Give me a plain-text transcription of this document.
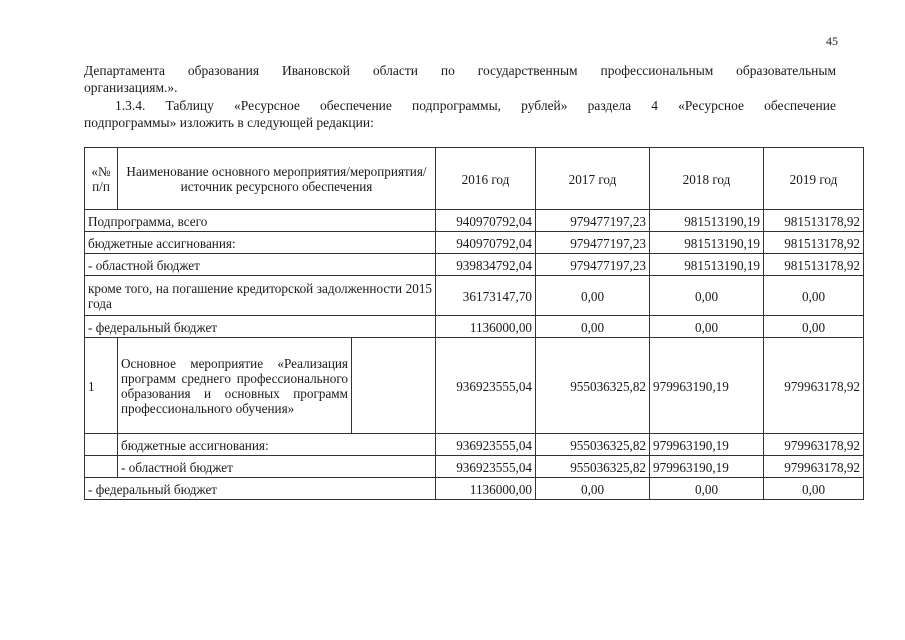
45
Департамента образования Ивановской области по государственным профессиональным образовательным
организациям.».
1.3.4. Таблицу «Ресурсное обеспечение подпрограммы, рублей» раздела 4 «Ресурсное обеспечение
подпрограммы» изложить в следующей редакции:
«№ п/п	Наименование основного мероприятия/мероприятия/источник ресурсного обеспечения		2016 год	2017 год	2018 год	2019 год
Подпрограмма, всего			940970792,04	979477197,23	981513190,19	981513178,92
бюджетные ассигнования:			940970792,04	979477197,23	981513190,19	981513178,92
- областной бюджет			939834792,04	979477197,23	981513190,19	981513178,92
кроме того, на погашение кредиторской задолженности 2015 года			36173147,70	0,00	0,00	0,00
- федеральный бюджет			1136000,00	0,00	0,00	0,00
1	Основное мероприятие «Реализация программ среднего профессионального образования и основных программ профессионального обучения»		936923555,04	955036325,82	979963190,19	979963178,92
	бюджетные ассигнования:		936923555,04	955036325,82	979963190,19	979963178,92
	- областной бюджет		936923555,04	955036325,82	979963190,19	979963178,92
- федеральный бюджет			1136000,00	0,00	0,00	0,00
